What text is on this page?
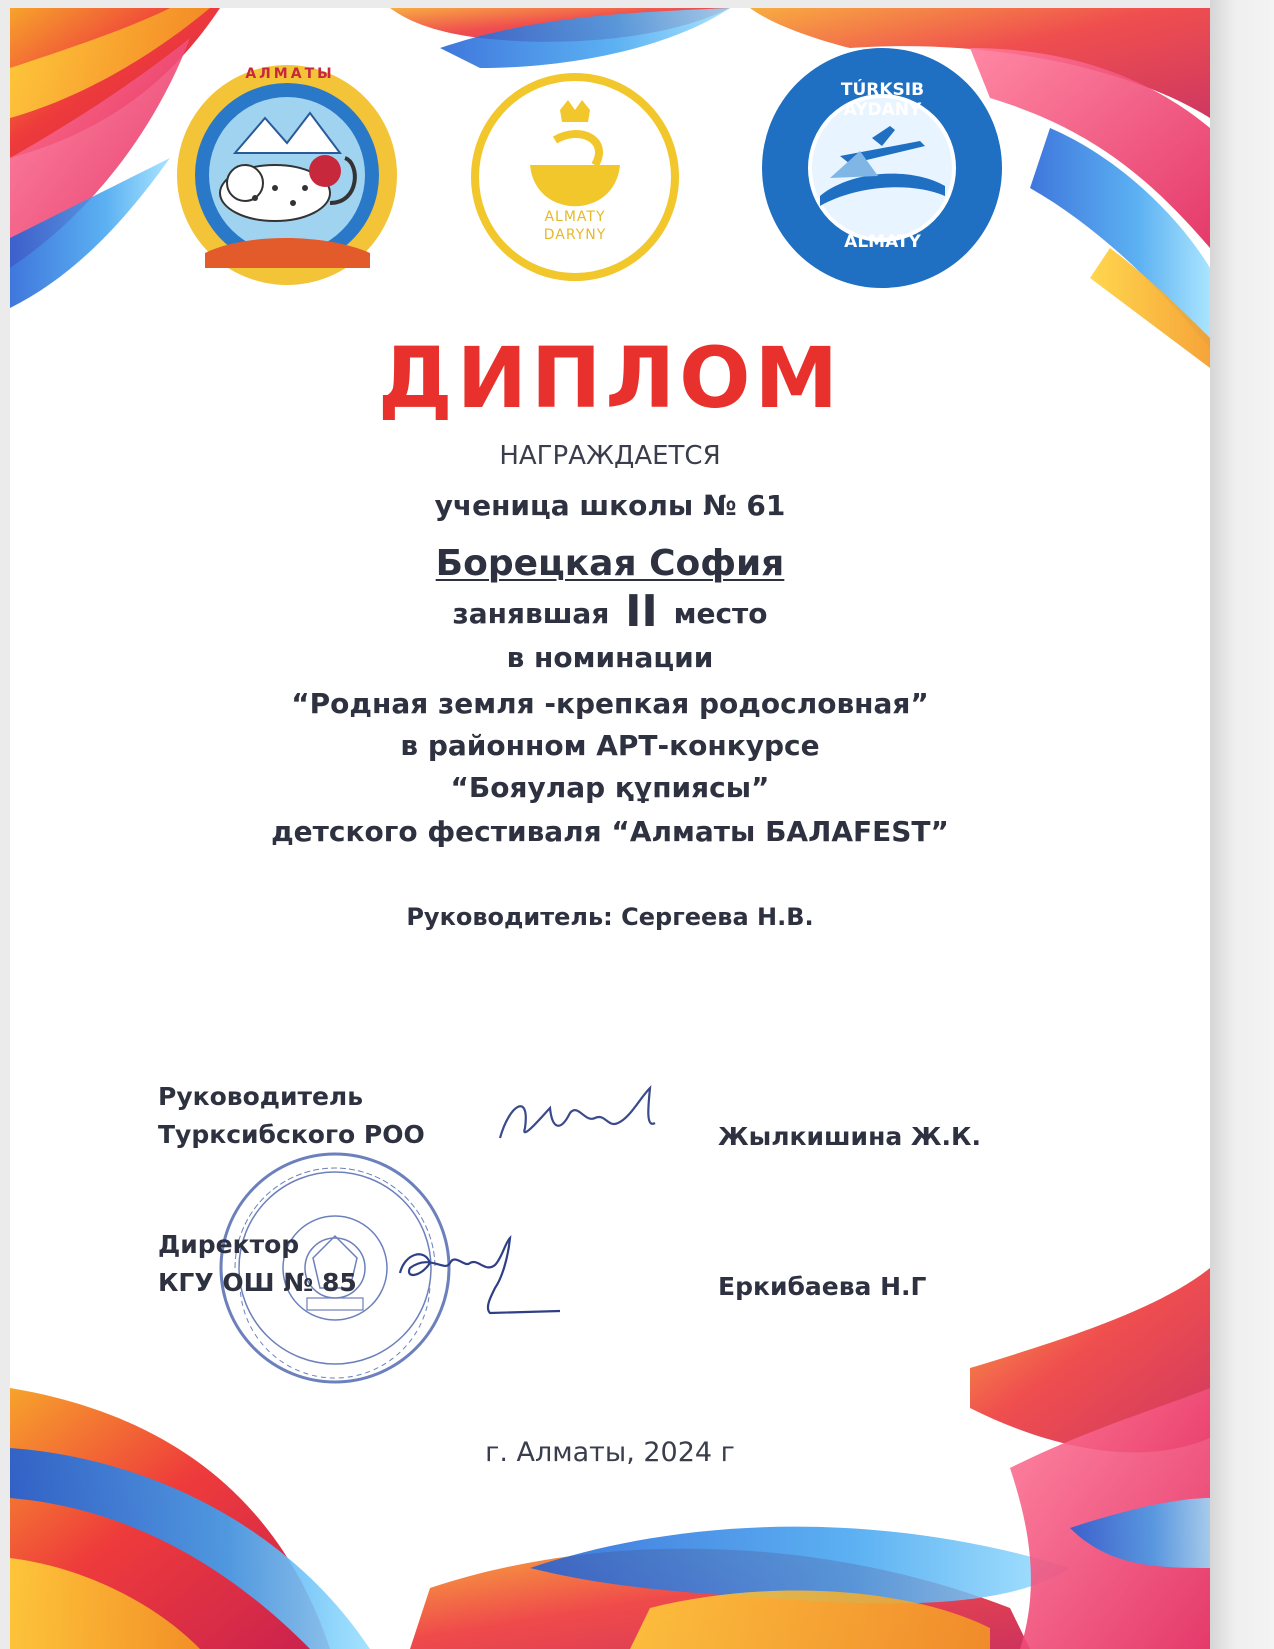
АЛМАТЫ
ALMATY
DARYNY
TÚRKSIB AÝDANY
ALMATY
ДИПЛОМ
НАГРАЖДАЕТСЯ
ученица школы № 61
Борецкая София
занявшая II место
в номинации
“Родная земля -крепкая родословная”
в районном АРТ-конкурсе
“Бояулар құпиясы”
детского фестиваля “Алматы БАЛАFEST”
Руководитель: Сергеева Н.В.
Руководитель
Турксибского РОО	Жылкишина Ж.К.
Директор
КГУ ОШ № 85	Еркибаева Н.Г
г. Алматы, 2024 г
